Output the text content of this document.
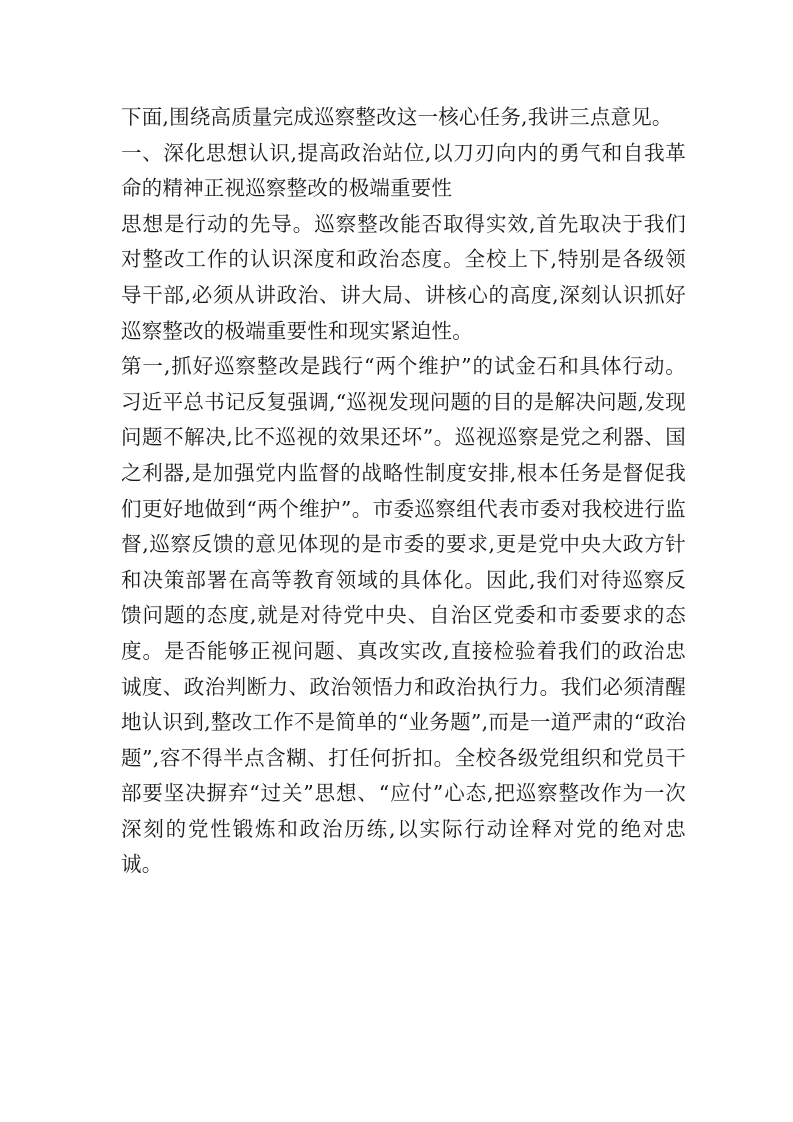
下面,围绕高质量完成巡察整改这一核心任务,我讲三点意见。

一、深化思想认识,提高政治站位,以刀刃向内的勇气和自我革命的精神正视巡察整改的极端重要性

思想是行动的先导。巡察整改能否取得实效,首先取决于我们对整改工作的认识深度和政治态度。全校上下,特别是各级领导干部,必须从讲政治、讲大局、讲核心的高度,深刻认识抓好巡察整改的极端重要性和现实紧迫性。

第一,抓好巡察整改是践行“两个维护”的试金石和具体行动。习近平总书记反复强调,“巡视发现问题的目的是解决问题,发现问题不解决,比不巡视的效果还坏”。巡视巡察是党之利器、国之利器,是加强党内监督的战略性制度安排,根本任务是督促我们更好地做到“两个维护”。市委巡察组代表市委对我校进行监督,巡察反馈的意见体现的是市委的要求,更是党中央大政方针和决策部署在高等教育领域的具体化。因此,我们对待巡察反馈问题的态度,就是对待党中央、自治区党委和市委要求的态度。是否能够正视问题、真改实改,直接检验着我们的政治忠诚度、政治判断力、政治领悟力和政治执行力。我们必须清醒地认识到,整改工作不是简单的“业务题”,而是一道严肃的“政治题”,容不得半点含糊、打任何折扣。全校各级党组织和党员干部要坚决摒弃“过关”思想、“应付”心态,把巡察整改作为一次深刻的党性锻炼和政治历练,以实际行动诠释对党的绝对忠诚。
